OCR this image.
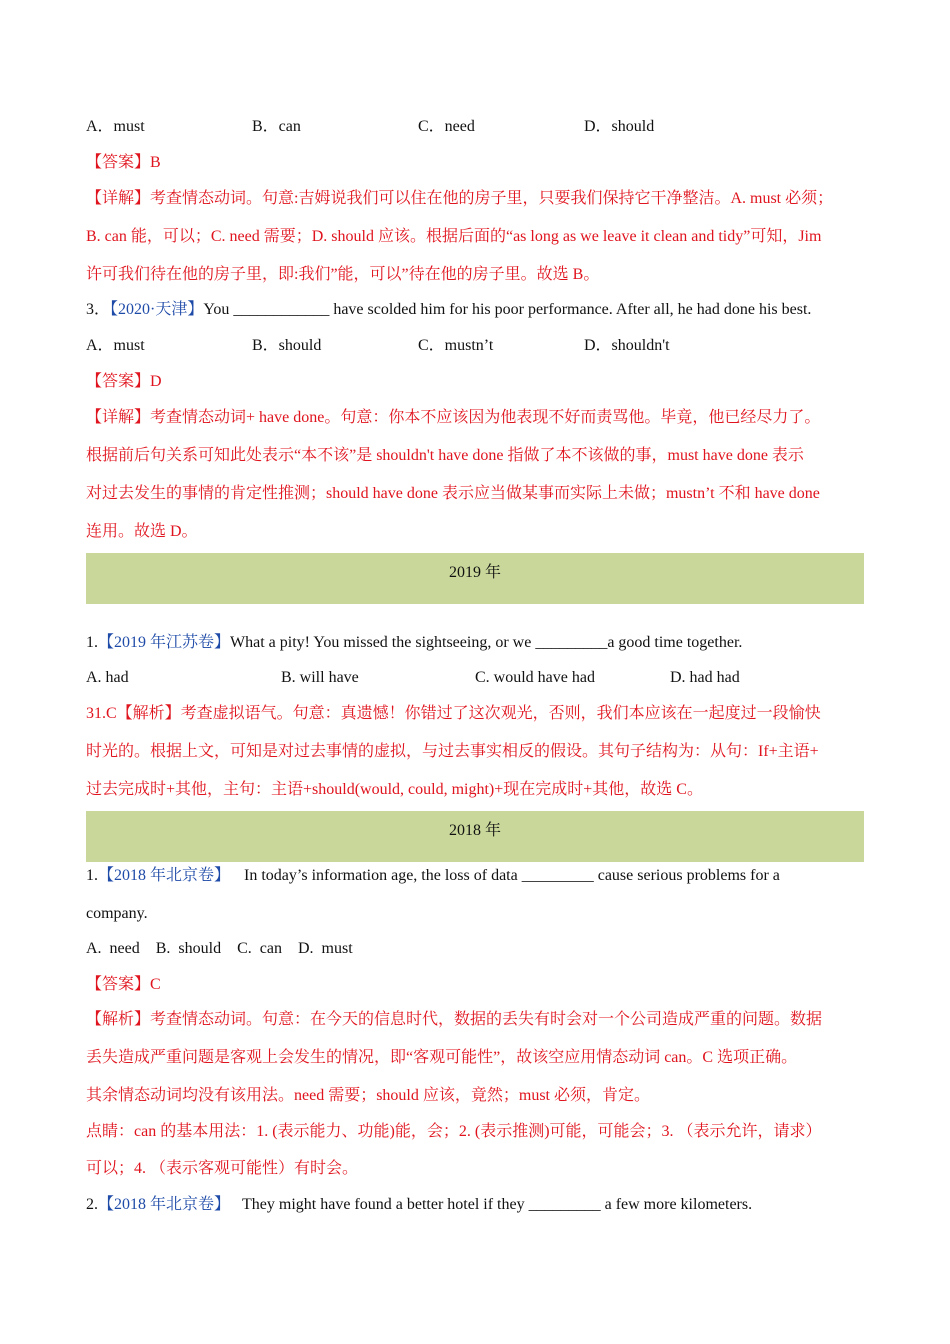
A．must	B．can	C．need	D．should
【答案】B
【详解】考查情态动词。句意:吉姆说我们可以住在他的房子里，只要我们保持它干净整洁。A. must 必须；
B. can 能，可以；C. need 需要；D. should 应该。根据后面的“as long as we leave it clean and tidy”可知，Jim
许可我们待在他的房子里，即:我们”能，可以”待在他的房子里。故选 B。
3．【2020·天津】You ____________ have scolded him for his poor performance. After all, he had done his best.
A．must	B．should	C．mustn’t	D．shouldn't
【答案】D
【详解】考查情态动词+ have done。句意：你本不应该因为他表现不好而责骂他。毕竟，他已经尽力了。
根据前后句关系可知此处表示“本不该”是 shouldn't have done 指做了本不该做的事，must have done 表示
对过去发生的事情的肯定性推测；should have done 表示应当做某事而实际上未做；mustn’t 不和 have done
连用。故选 D。
2019 年
1.【2019 年江苏卷】What a pity! You missed the sightseeing, or we _________a good time together.
A. had	B. will have	C. would have had	D. had had
31.C【解析】考查虚拟语气。句意：真遗憾！你错过了这次观光，否则，我们本应该在一起度过一段愉快
时光的。根据上文，可知是对过去事情的虚拟，与过去事实相反的假设。其句子结构为：从句：If+主语+
过去完成时+其他，主句：主语+should(would, could, might)+现在完成时+其他，故选 C。
2018 年
1.【2018 年北京卷】 In today’s information age, the loss of data _________ cause serious problems for a
company.
A.  need    B.  should    C.  can    D.  must
【答案】C
【解析】考查情态动词。句意：在今天的信息时代，数据的丢失有时会对一个公司造成严重的问题。数据
丢失造成严重问题是客观上会发生的情况，即“客观可能性”，故该空应用情态动词 can。C 选项正确。
其余情态动词均没有该用法。need 需要；should 应该，竟然；must 必须，肯定。
点睛：can 的基本用法：1. (表示能力、功能)能，会；2. (表示推测)可能，可能会；3. （表示允许，请求）
可以；4. （表示客观可能性）有时会。
2.【2018 年北京卷】 They might have found a better hotel if they _________ a few more kilometers.
